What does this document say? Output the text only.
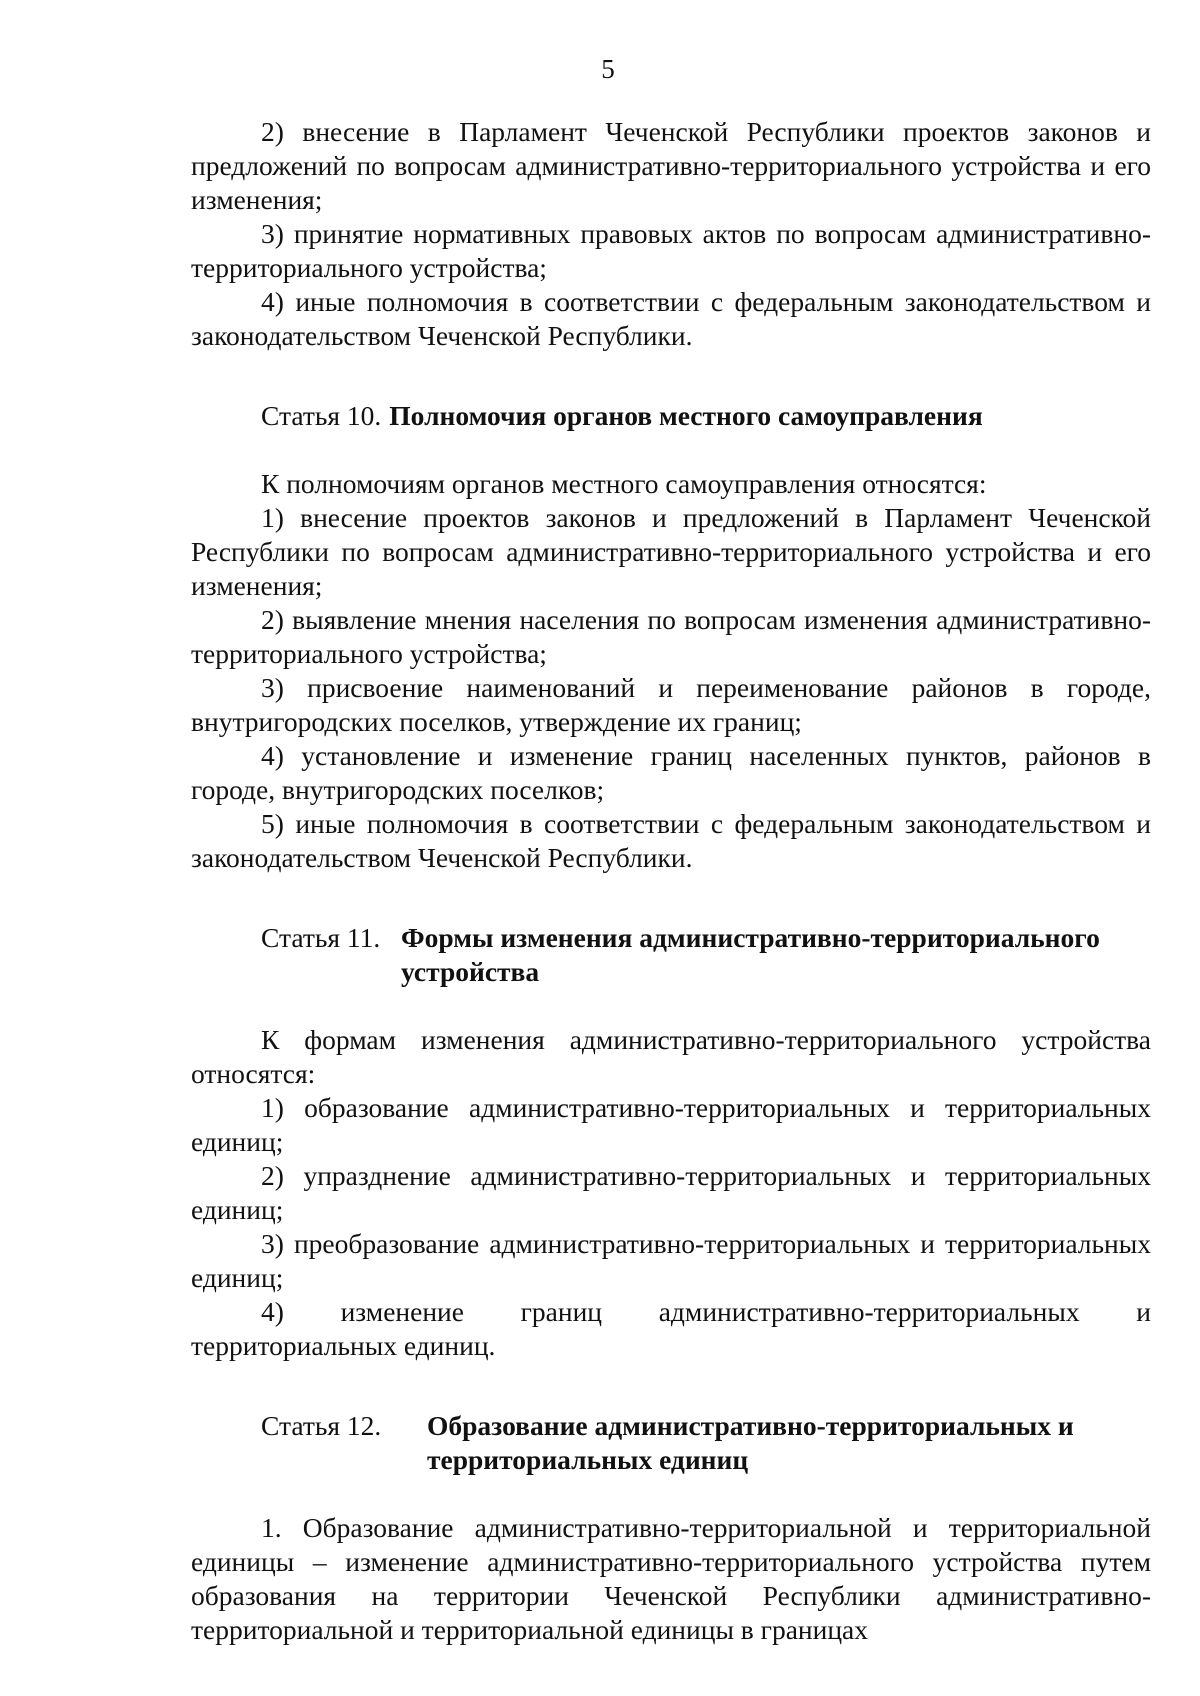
5

2) внесение в Парламент Чеченской Республики проектов законов и предложений по вопросам административно-территориального устройства и его изменения;

3) принятие нормативных правовых актов по вопросам административно-территориального устройства;

4) иные полномочия в соответствии с федеральным законодательством и законодательством Чеченской Республики.

Статья 10. Полномочия органов местного самоуправления

К полномочиям органов местного самоуправления относятся:

1) внесение проектов законов и предложений в Парламент Чеченской Республики по вопросам административно-территориального устройства и его изменения;

2) выявление мнения населения по вопросам изменения административно-территориального устройства;

3) присвоение наименований и переименование районов в городе, внутригородских поселков, утверждение их границ;

4) установление и изменение границ населенных пунктов, районов в городе, внутригородских поселков;

5) иные полномочия в соответствии с федеральным законодательством и законодательством Чеченской Республики.

Статья 11. Формы изменения административно-территориального устройства

К формам изменения административно-территориального устройства относятся:

1) образование административно-территориальных и территориальных единиц;

2) упразднение административно-территориальных и территориальных единиц;

3) преобразование административно-территориальных и территориальных единиц;

4) изменение границ административно-территориальных и территориальных единиц.

Статья 12.	Образование административно-территориальных и территориальных единиц

1. Образование административно-территориальной и территориальной единицы – изменение административно-территориального устройства путем образования на территории Чеченской Республики административно-территориальной и территориальной единицы в границах
